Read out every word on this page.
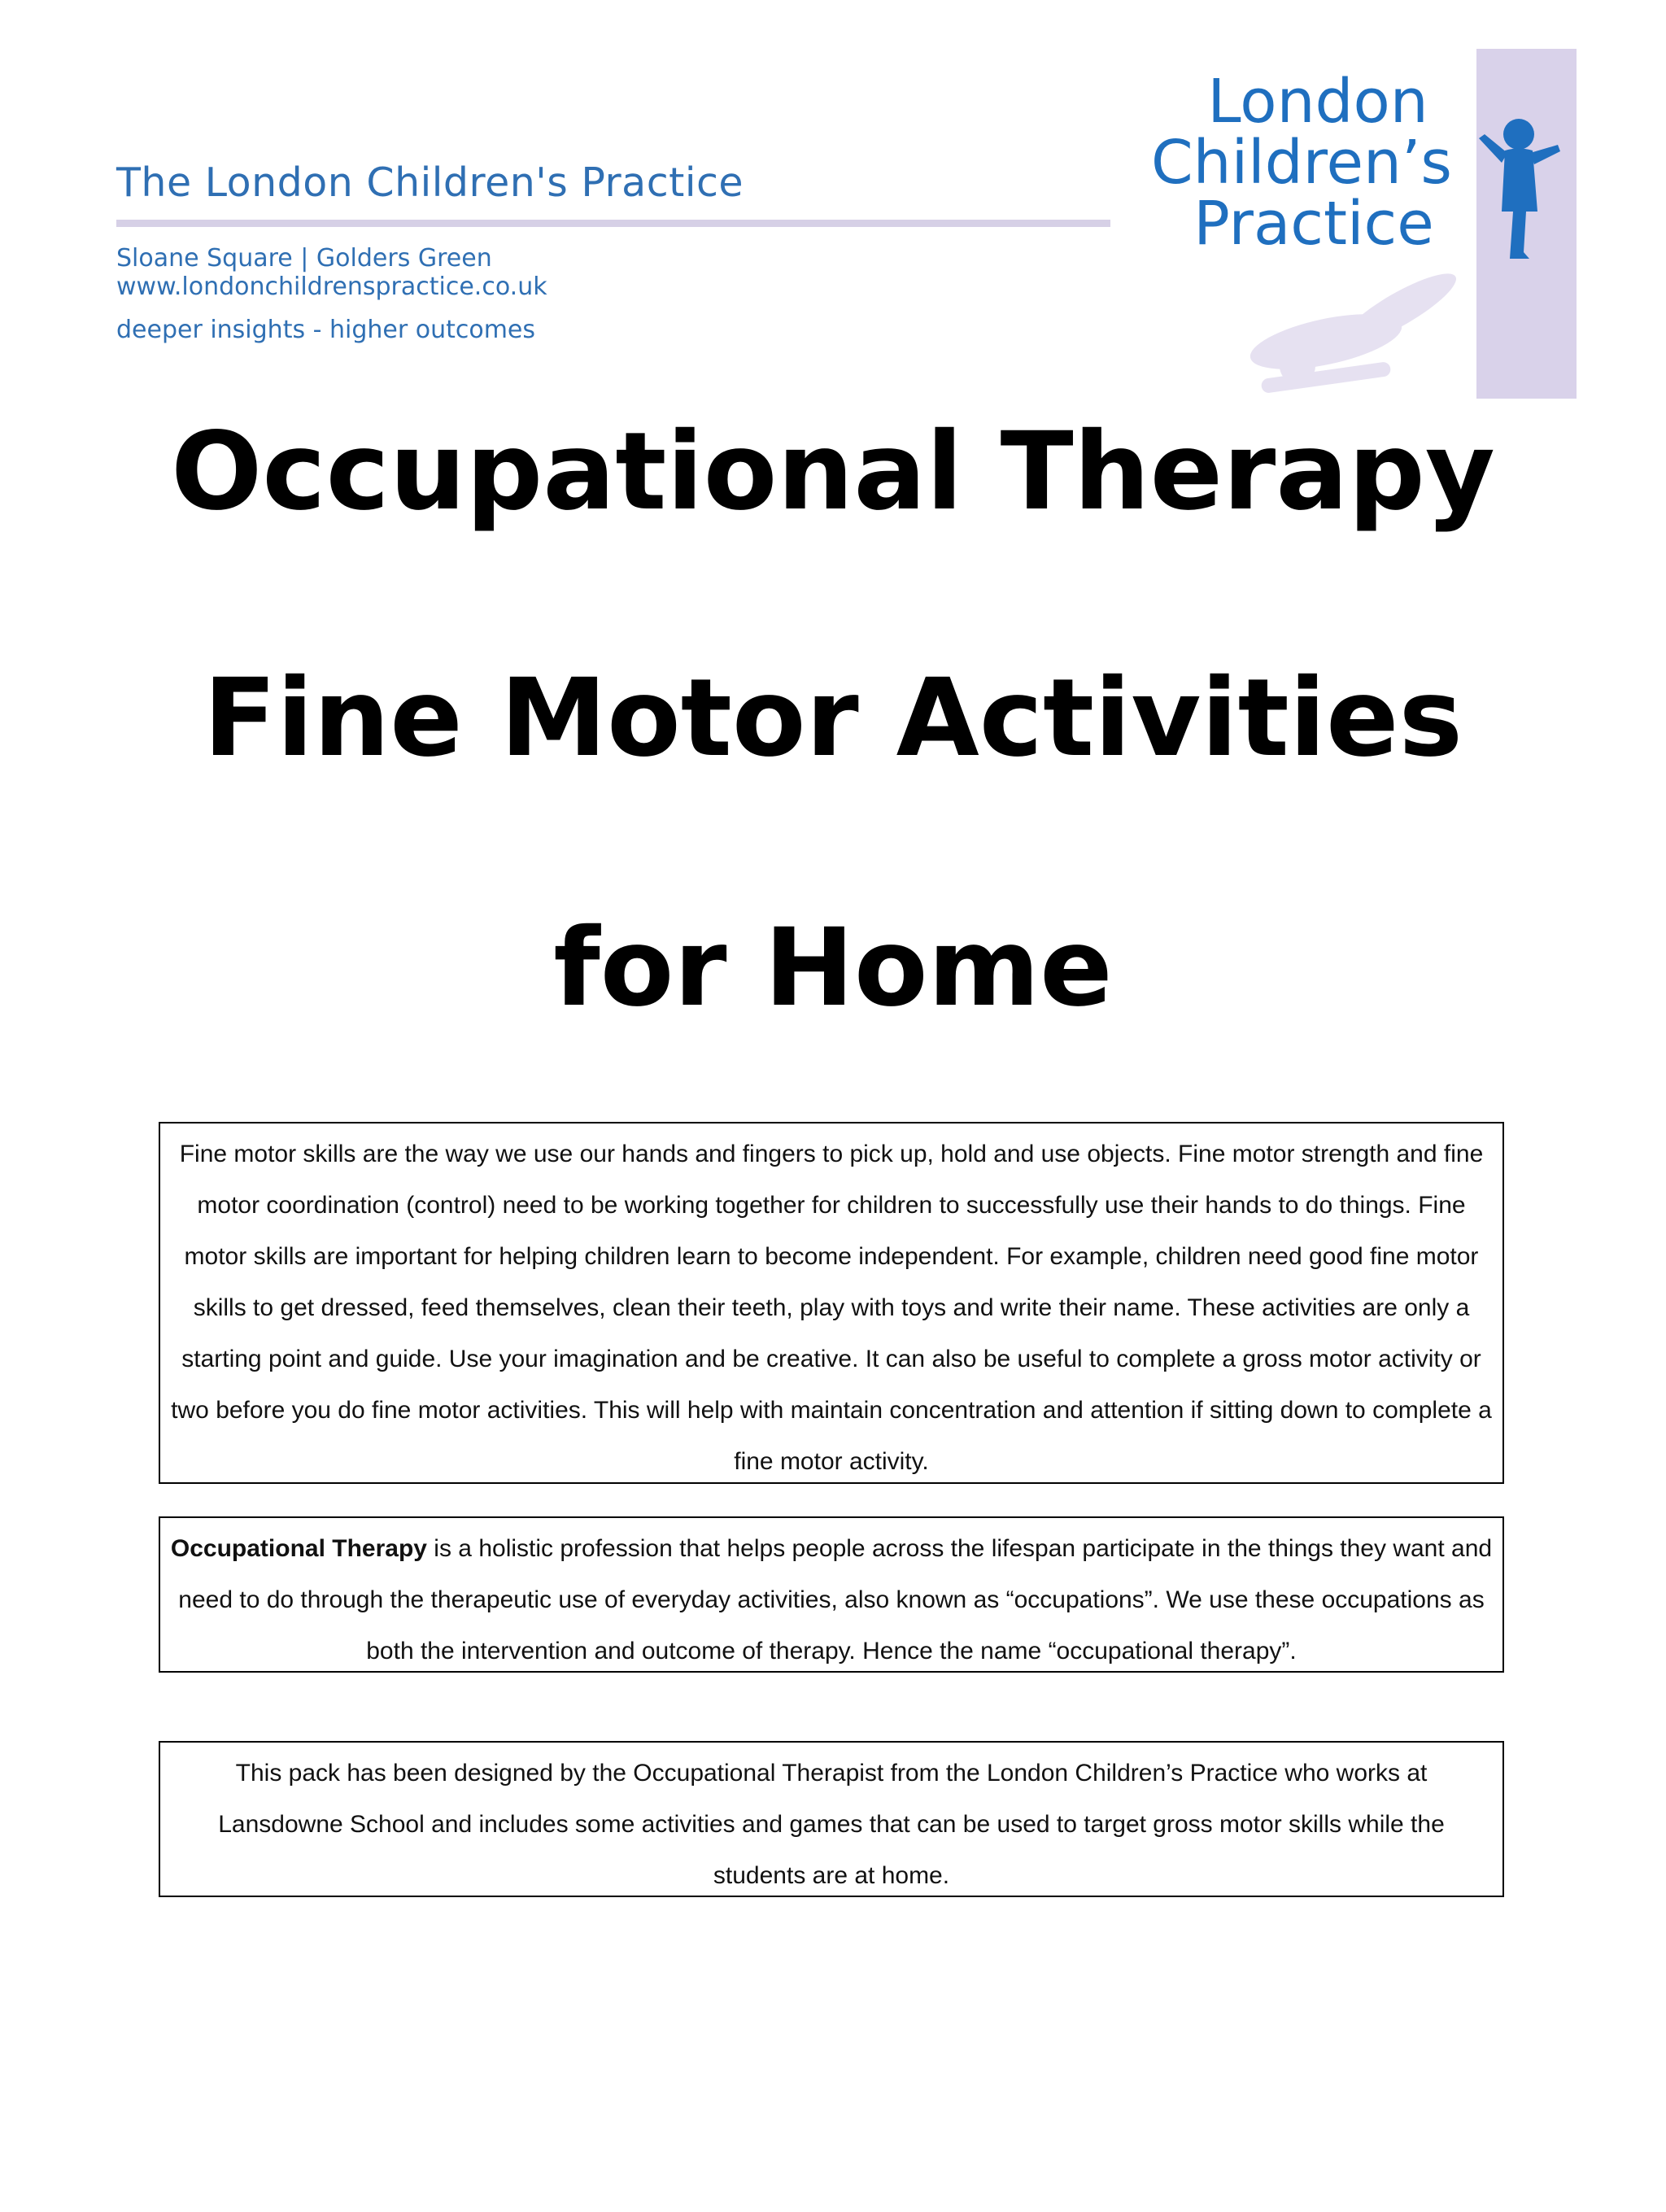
The London Children's Practice
Sloane Square | Golders Green
www.londonchildrenspractice.co.uk
deeper insights - higher outcomes
London
Children’s
Practice
Occupational Therapy
Fine Motor Activities
for Home
Fine motor skills are the way we use our hands and fingers to pick up, hold and use objects. Fine motor strength and fine motor coordination (control) need to be working together for children to successfully use their hands to do things. Fine motor skills are important for helping children learn to become independent. For example, children need good fine motor skills to get dressed, feed themselves, clean their teeth, play with toys and write their name. These activities are only a starting point and guide. Use your imagination and be creative. It can also be useful to complete a gross motor activity or two before you do fine motor activities. This will help with maintain concentration and attention if sitting down to complete a fine motor activity.
Occupational Therapy is a holistic profession that helps people across the lifespan participate in the things they want and need to do through the therapeutic use of everyday activities, also known as “occupations”. We use these occupations as both the intervention and outcome of therapy. Hence the name “occupational therapy”.
This pack has been designed by the Occupational Therapist from the London Children’s Practice who works at Lansdowne School and includes some activities and games that can be used to target gross motor skills while the students are at home.
